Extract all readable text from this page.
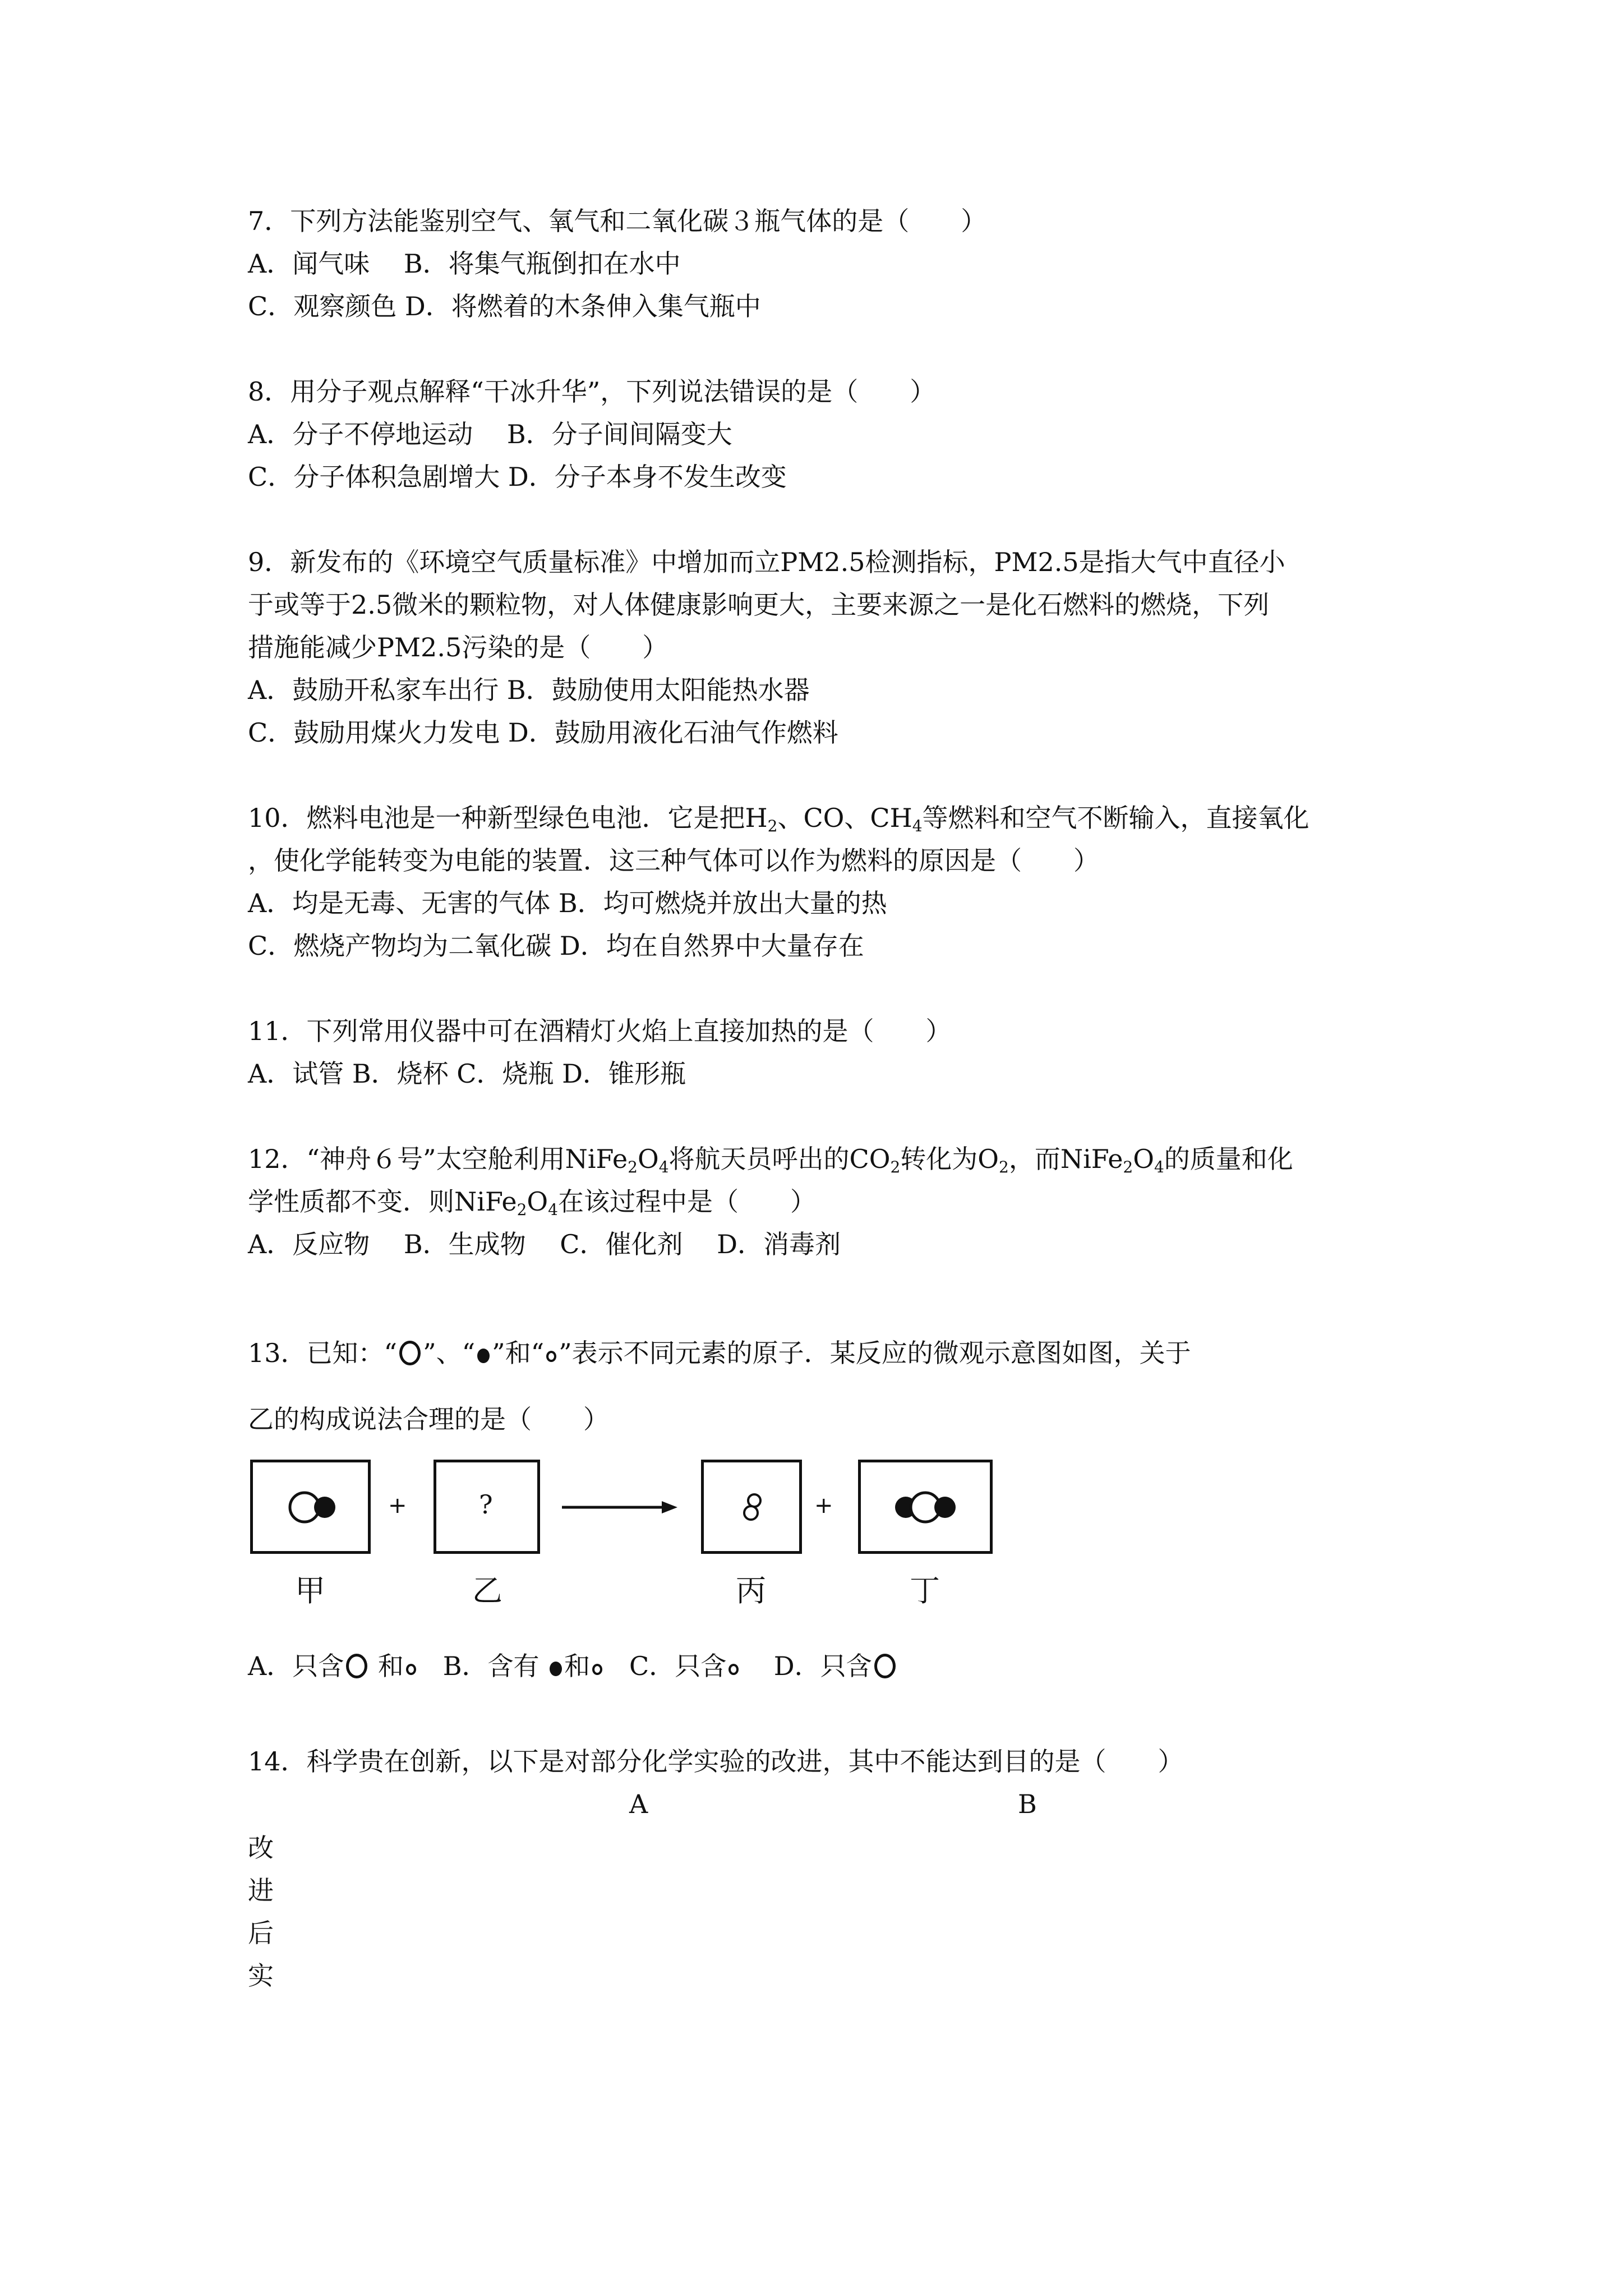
7．下列方法能鉴别空气、氧气和二氧化碳３瓶气体的是（　　）
A．闻气味　 B．将集气瓶倒扣在水中
C．观察颜色 D．将燃着的木条伸入集气瓶中
8．用分子观点解释“干冰升华”，下列说法错误的是（　　）
A．分子不停地运动　 B．分子间间隔变大
C．分子体积急剧增大 D．分子本身不发生改变
9．新发布的《环境空气质量标准》中增加而立PM2.5检测指标，PM2.5是指大气中直径小
于或等于2.5微米的颗粒物，对人体健康影响更大，主要来源之一是化石燃料的燃烧，下列
措施能减少PM2.5污染的是（　　）
A．鼓励开私家车出行 B．鼓励使用太阳能热水器
C．鼓励用煤火力发电 D．鼓励用液化石油气作燃料
10．燃料电池是一种新型绿色电池．它是把$H_2$、CO、$CH_4$等燃料和空气不断输入，直接氧化
，使化学能转变为电能的装置．这三种气体可以作为燃料的原因是（　　）
A．均是无毒、无害的气体 B．均可燃烧并放出大量的热
C．燃烧产物均为二氧化碳 D．均在自然界中大量存在
11．下列常用仪器中可在酒精灯火焰上直接加热的是（　　）
A．试管 B．烧杯 C．烧瓶 D．锥形瓶
12．“神舟６号”太空舱利用$NiFe_2O_4$将航天员呼出的$CO_2$转化为$O_2$，而$NiFe_2O_4$的质量和化
学性质都不变．则$NiFe_2O_4$在该过程中是（　　）
A．反应物　 B．生成物　 C．催化剂　 D．消毒剂
13．已知：“ ”、“ ”和“ ”表示不同元素的原子．某反应的微观示意图如图，关于
乙的构成说法合理的是（　　）
+	?	+
甲	乙	丙	丁
A．只含 和 B．含有 和 C．只含 D．只含
14．科学贵在创新，以下是对部分化学实验的改进，其中不能达到目的是（　　）
A	B
改
进
后
实
